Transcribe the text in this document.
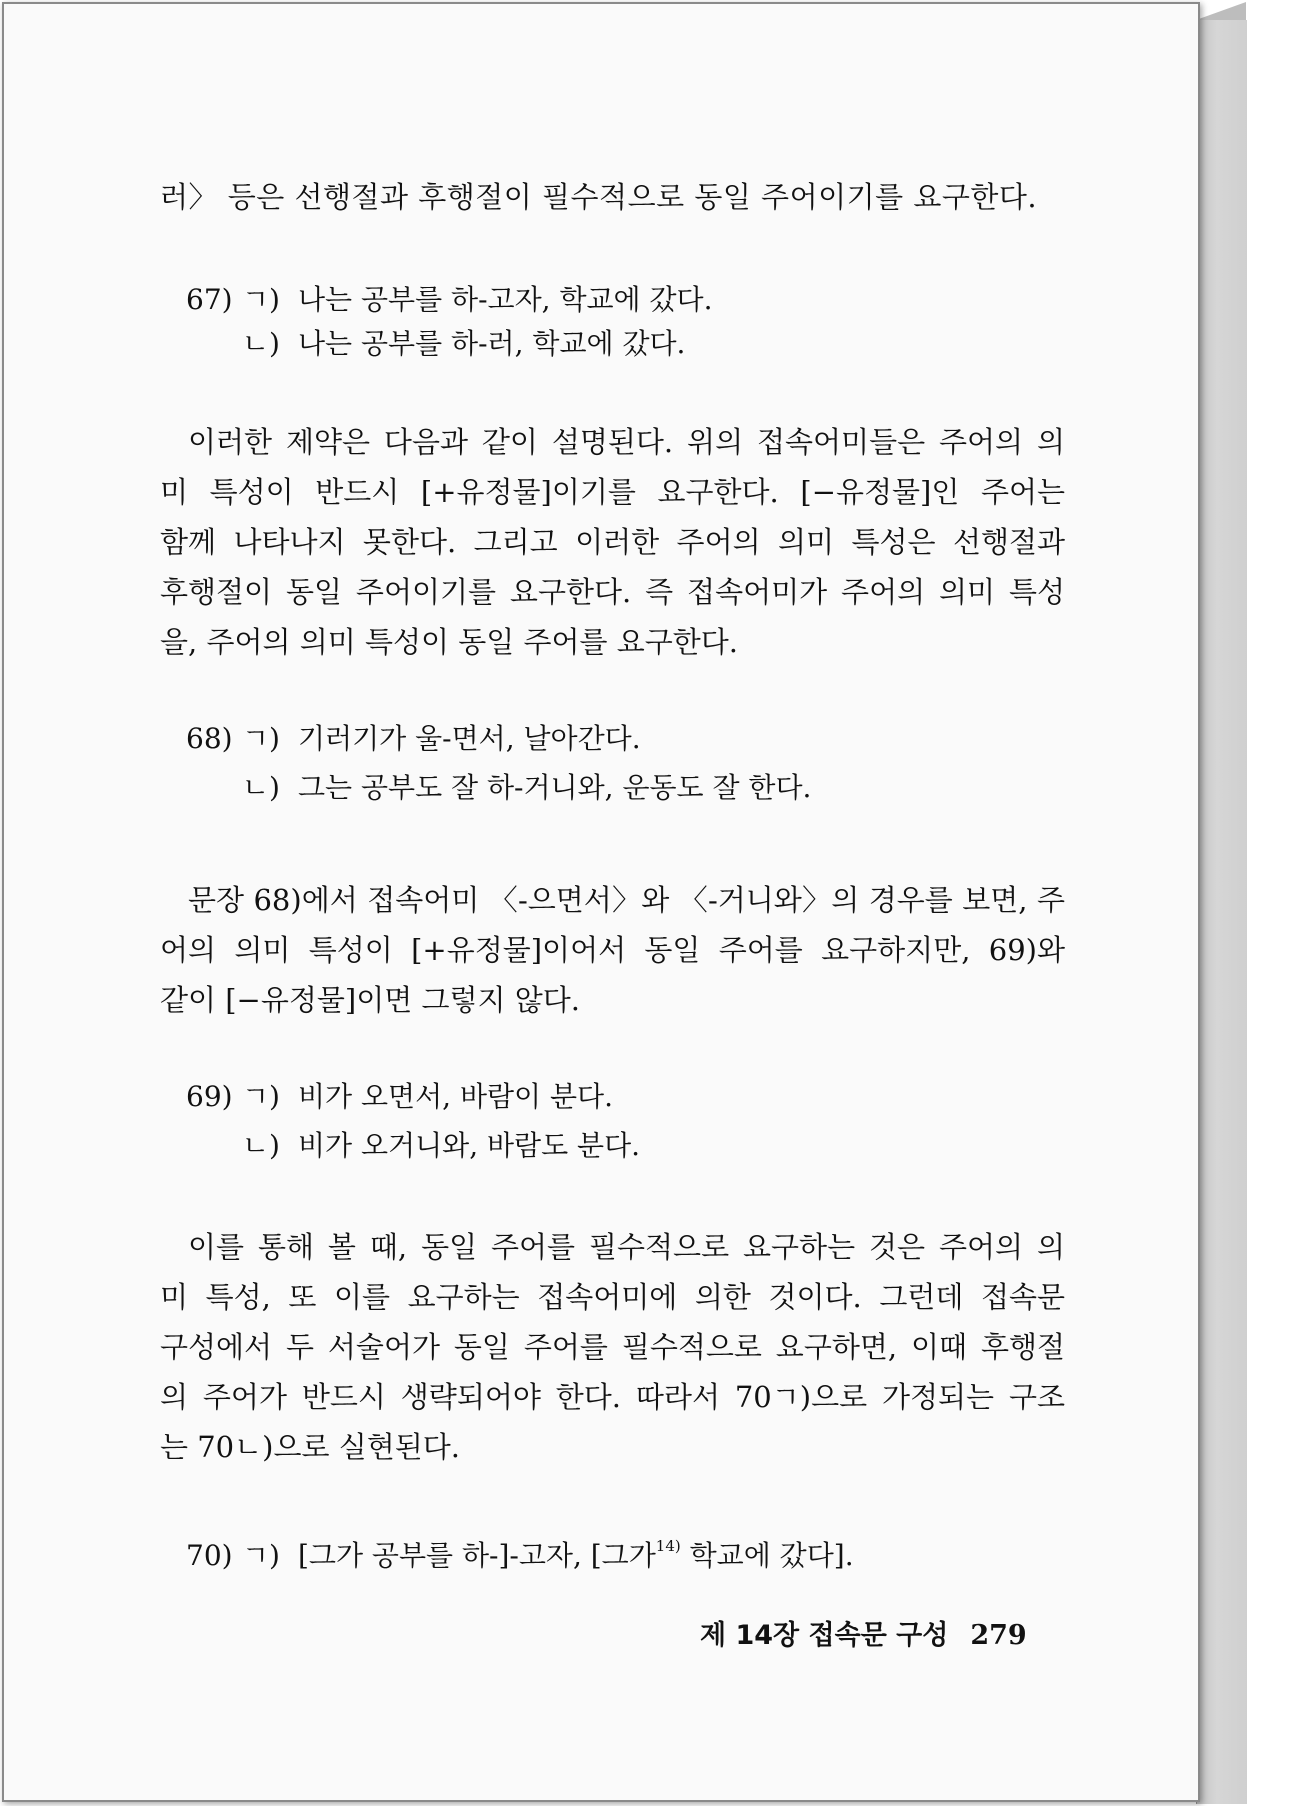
러〉 등은 선행절과 후행절이 필수적으로 동일 주어이기를 요구한다.
67) ㄱ) 나는 공부를 하-고자, 학교에 갔다.
ㄴ) 나는 공부를 하-러, 학교에 갔다.
이러한 제약은 다음과 같이 설명된다. 위의 접속어미들은 주어의 의
미 특성이 반드시 [+유정물]이기를 요구한다. [−유정물]인 주어는
함께 나타나지 못한다. 그리고 이러한 주어의 의미 특성은 선행절과
후행절이 동일 주어이기를 요구한다. 즉 접속어미가 주어의 의미 특성
을, 주어의 의미 특성이 동일 주어를 요구한다.
68) ㄱ) 기러기가 울-면서, 날아간다.
ㄴ) 그는 공부도 잘 하-거니와, 운동도 잘 한다.
문장 68)에서 접속어미 〈-으면서〉와 〈-거니와〉의 경우를 보면, 주
어의 의미 특성이 [+유정물]이어서 동일 주어를 요구하지만, 69)와
같이 [−유정물]이면 그렇지 않다.
69) ㄱ) 비가 오면서, 바람이 분다.
ㄴ) 비가 오거니와, 바람도 분다.
이를 통해 볼 때, 동일 주어를 필수적으로 요구하는 것은 주어의 의
미 특성, 또 이를 요구하는 접속어미에 의한 것이다. 그런데 접속문
구성에서 두 서술어가 동일 주어를 필수적으로 요구하면, 이때 후행절
의 주어가 반드시 생략되어야 한다. 따라서 70ㄱ)으로 가정되는 구조
는 70ㄴ)으로 실현된다.
70) ㄱ) [그가 공부를 하-]-고자, [그가$^{14)}$ 학교에 갔다].
제 14장 접속문 구성 279
